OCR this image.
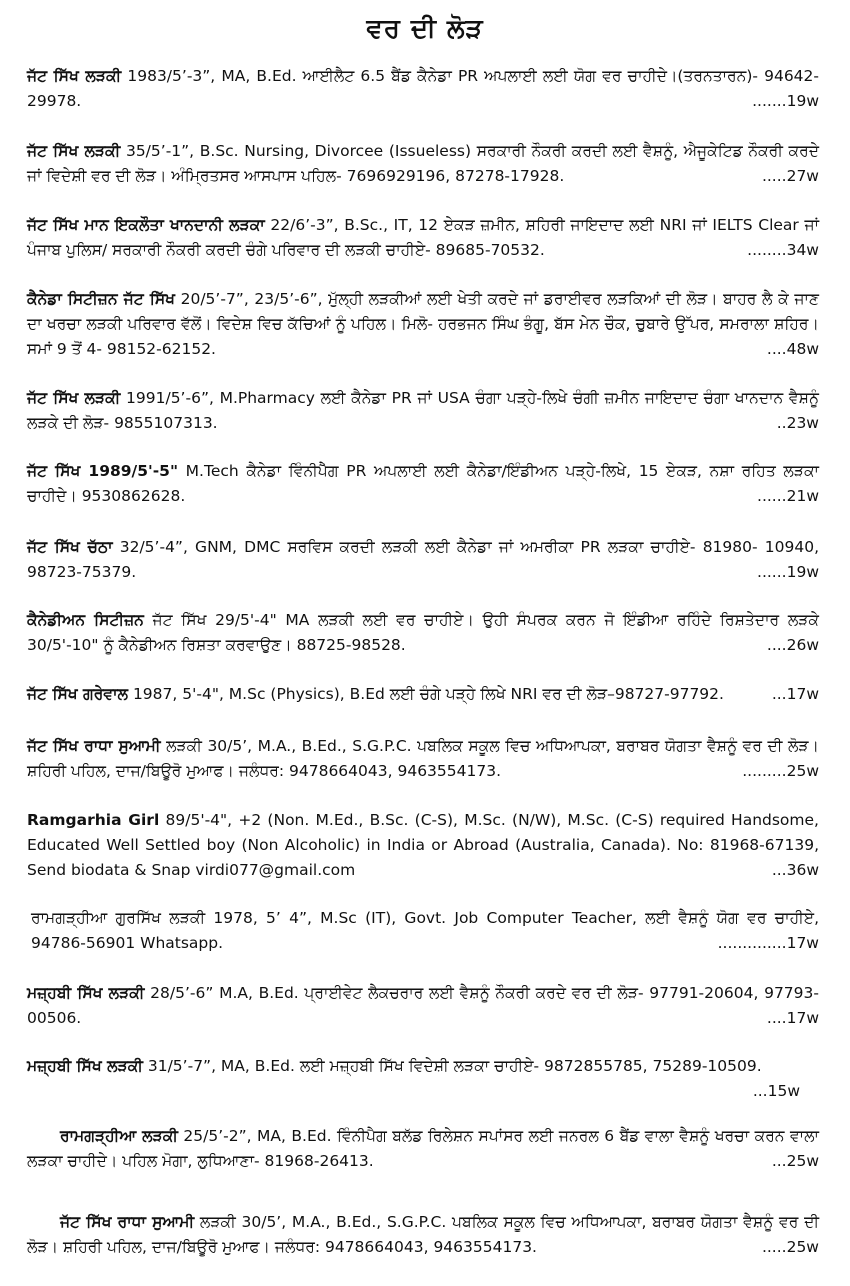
ਵਰ ਦੀ ਲੋੜ
ਜੱਟ ਸਿੱਖ ਲੜਕੀ 1983/5’-3”, MA, B.Ed. ਆਈਲੈਟ 6.5 ਬੈਂਡ ਕੈਨੇਡਾ PR ਅਪਲਾਈ ਲਈ ਯੋਗ ਵਰ ਚਾਹੀਦੇ।(ਤਰਨਤਾਰਨ)- 94642-29978.	.......19w
ਜੱਟ ਸਿੱਖ ਲੜਕੀ 35/5’-1”, B.Sc. Nursing, Divorcee (Issueless) ਸਰਕਾਰੀ ਨੌਕਰੀ ਕਰਦੀ ਲਈ ਵੈਸ਼ਨੂੰ, ਐਜੂਕੇਟਿਡ ਨੌਕਰੀ ਕਰਦੇ ਜਾਂ ਵਿਦੇਸ਼ੀ ਵਰ ਦੀ ਲੋੜ। ਅੰਮ੍ਰਿਤਸਰ ਆਸਪਾਸ ਪਹਿਲ- 7696929196, 87278-17928.	.....27w
ਜੱਟ ਸਿੱਖ ਮਾਨ ਇਕਲੌਤਾ ਖਾਨਦਾਨੀ ਲੜਕਾ 22/6’-3”, B.Sc., IT, 12 ਏਕੜ ਜ਼ਮੀਨ, ਸ਼ਹਿਰੀ ਜਾਇਦਾਦ ਲਈ NRI ਜਾਂ IELTS Clear ਜਾਂ ਪੰਜਾਬ ਪੁਲਿਸ/ ਸਰਕਾਰੀ ਨੌਕਰੀ ਕਰਦੀ ਚੰਗੇ ਪਰਿਵਾਰ ਦੀ ਲੜਕੀ ਚਾਹੀਏ- 89685-70532.	........34w
ਕੈਨੇਡਾ ਸਿਟੀਜ਼ਨ ਜੱਟ ਸਿੱਖ 20/5’-7”, 23/5’-6”, ਮੁੱਲ੍ਹੀ ਲੜਕੀਆਂ ਲਈ ਖੇਤੀ ਕਰਦੇ ਜਾਂ ਡਰਾਈਵਰ ਲੜਕਿਆਂ ਦੀ ਲੋੜ। ਬਾਹਰ ਲੈ ਕੇ ਜਾਣ ਦਾ ਖਰਚਾ ਲੜਕੀ ਪਰਿਵਾਰ ਵੱਲੋਂ। ਵਿਦੇਸ਼ ਵਿਚ ਕੱਚਿਆਂ ਨੂੰ ਪਹਿਲ। ਮਿਲੋ- ਹਰਭਜਨ ਸਿੰਘ ਭੰਗੂ, ਬੱਸ ਮੇਨ ਚੌਕ, ਚੁਬਾਰੇ ਉੱਪਰ, ਸਮਰਾਲਾ ਸ਼ਹਿਰ। ਸਮਾਂ 9 ਤੋਂ 4- 98152-62152.	....48w
ਜੱਟ ਸਿੱਖ ਲੜਕੀ 1991/5’-6”, M.Pharmacy ਲਈ ਕੈਨੇਡਾ PR ਜਾਂ USA ਚੰਗਾ ਪੜ੍ਹੇ-ਲਿਖੇ ਚੰਗੀ ਜ਼ਮੀਨ ਜਾਇਦਾਦ ਚੰਗਾ ਖਾਨਦਾਨ ਵੈਸ਼ਨੂੰ ਲੜਕੇ ਦੀ ਲੋੜ- 9855107313.	..23w
ਜੱਟ ਸਿੱਖ 1989/5'-5" M.Tech ਕੈਨੇਡਾ ਵਿੰਨੀਪੈੱਗ PR ਅਪਲਾਈ ਲਈ ਕੈਨੇਡਾ/ਇੰਡੀਅਨ ਪੜ੍ਹੇ-ਲਿਖੇ, 15 ਏਕੜ, ਨਸ਼ਾ ਰਹਿਤ ਲੜਕਾ ਚਾਹੀਦੇ। 9530862628.	......21w
ਜੱਟ ਸਿੱਖ ਚੱਠਾ 32/5’-4”, GNM, DMC ਸਰਵਿਸ ਕਰਦੀ ਲੜਕੀ ਲਈ ਕੈਨੇਡਾ ਜਾਂ ਅਮਰੀਕਾ PR ਲੜਕਾ ਚਾਹੀਏ- 81980- 10940, 98723-75379.	......19w
ਕੈਨੇਡੀਅਨ ਸਿਟੀਜ਼ਨ ਜੱਟ ਸਿੱਖ 29/5'-4" MA ਲੜਕੀ ਲਈ ਵਰ ਚਾਹੀਏ। ਉਹੀ ਸੰਪਰਕ ਕਰਨ ਜੋ ਇੰਡੀਆ ਰਹਿੰਦੇ ਰਿਸ਼ਤੇਦਾਰ ਲੜਕੇ 30/5'-10" ਨੂੰ ਕੈਨੇਡੀਅਨ ਰਿਸ਼ਤਾ ਕਰਵਾਉਣ। 88725-98528.	....26w
ਜੱਟ ਸਿੱਖ ਗਰੇਵਾਲ 1987, 5'-4", M.Sc (Physics), B.Ed ਲਈ ਚੰਗੇ ਪੜ੍ਹੇ ਲਿਖੇ NRI ਵਰ ਦੀ ਲੋੜ–98727-97792.	...17w
ਜੱਟ ਸਿੱਖ ਰਾਧਾ ਸੁਆਮੀ ਲੜਕੀ 30/5’, M.A., B.Ed., S.G.P.C. ਪਬਲਿਕ ਸਕੂਲ ਵਿਚ ਅਧਿਆਪਕਾ, ਬਰਾਬਰ ਯੋਗਤਾ ਵੈਸ਼ਨੂੰ ਵਰ ਦੀ ਲੋੜ। ਸ਼ਹਿਰੀ ਪਹਿਲ, ਦਾਜ/ਬਿਊਰੋ ਮੁਆਫ। ਜਲੰਧਰ: 9478664043, 9463554173.	.........25w
Ramgarhia Girl 89/5'-4", +2 (Non. M.Ed., B.Sc. (C-S), M.Sc. (N/W), M.Sc. (C-S) required Handsome, Educated Well Settled boy (Non Alcoholic) in India or Abroad (Australia, Canada). No: 81968-67139, Send biodata & Snap virdi077@gmail.com	...36w
ਰਾਮਗੜ੍ਹੀਆ ਗੁਰਸਿੱਖ ਲੜਕੀ 1978, 5’ 4”, M.Sc (IT), Govt. Job Computer Teacher, ਲਈ ਵੈਸ਼ਨੂੰ ਯੋਗ ਵਰ ਚਾਹੀਏ, 94786-56901 Whatsapp.	..............17w
ਮਜ਼੍ਹਬੀ ਸਿੱਖ ਲੜਕੀ 28/5’-6” M.A, B.Ed. ਪ੍ਰਾਈਵੇਟ ਲੈਕਚਰਾਰ ਲਈ ਵੈਸ਼ਨੂੰ ਨੌਕਰੀ ਕਰਦੇ ਵਰ ਦੀ ਲੋੜ- 97791-20604, 97793-00506.	....17w
ਮਜ਼੍ਹਬੀ ਸਿੱਖ ਲੜਕੀ 31/5’-7”, MA, B.Ed. ਲਈ ਮਜ਼੍ਹਬੀ ਸਿੱਖ ਵਿਦੇਸ਼ੀ ਲੜਕਾ ਚਾਹੀਏ- 9872855785, 75289-10509.
...15w
ਰਾਮਗੜ੍ਹੀਆ ਲੜਕੀ 25/5’-2”, MA, B.Ed. ਵਿੰਨੀਪੈਗ ਬਲੱਡ ਰਿਲੇਸ਼ਨ ਸਪਾਂਸਰ ਲਈ ਜਨਰਲ 6 ਬੈਂਡ ਵਾਲਾ ਵੈਸ਼ਨੂੰ ਖਰਚਾ ਕਰਨ ਵਾਲਾ ਲੜਕਾ ਚਾਹੀਦੇ। ਪਹਿਲ ਮੋਗਾ, ਲੁਧਿਆਣਾ- 81968-26413.	...25w
ਜੱਟ ਸਿੱਖ ਰਾਧਾ ਸੁਆਮੀ ਲੜਕੀ 30/5’, M.A., B.Ed., S.G.P.C. ਪਬਲਿਕ ਸਕੂਲ ਵਿਚ ਅਧਿਆਪਕਾ, ਬਰਾਬਰ ਯੋਗਤਾ ਵੈਸ਼ਨੂੰ ਵਰ ਦੀ ਲੋੜ। ਸ਼ਹਿਰੀ ਪਹਿਲ, ਦਾਜ/ਬਿਊਰੋ ਮੁਆਫ। ਜਲੰਧਰ: 9478664043, 9463554173.	.....25w
